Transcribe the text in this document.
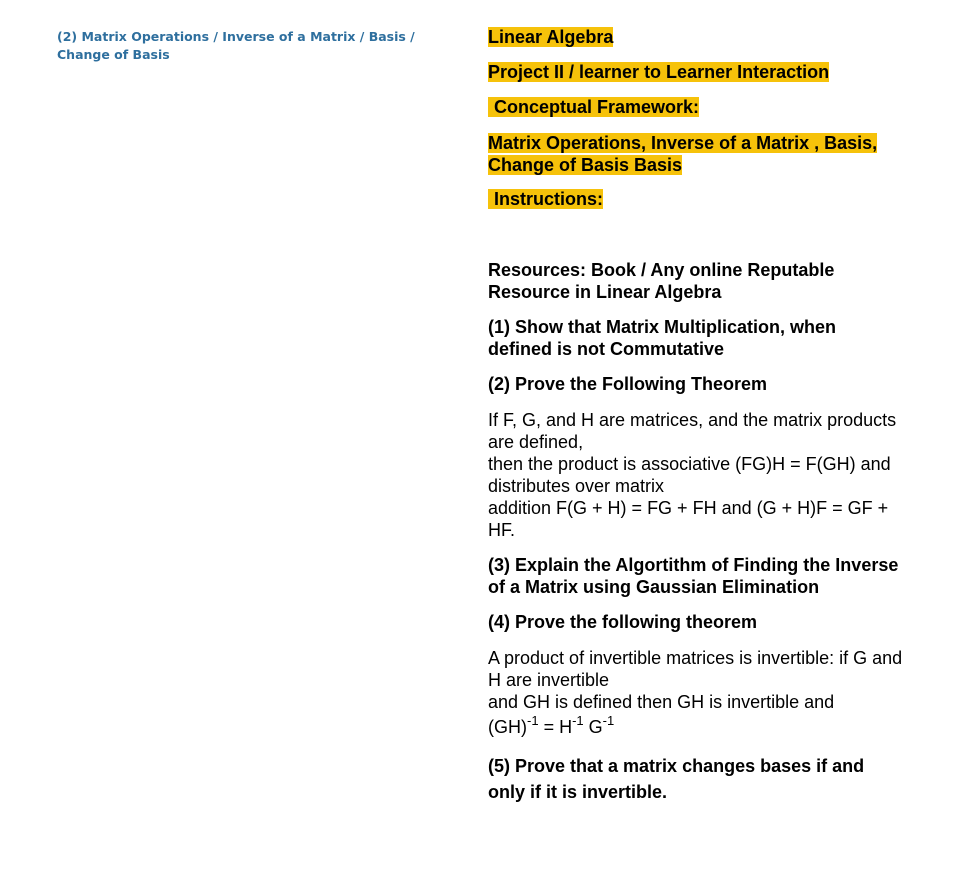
(2) Matrix Operations / Inverse of a Matrix / Basis / Change of Basis
Linear Algebra
Project II / learner to Learner Interaction
Conceptual Framework:
Matrix Operations, Inverse of a Matrix , Basis,
Change of Basis Basis
Instructions:

Resources: Book / Any online Reputable Resource in Linear Algebra

(1) Show that Matrix Multiplication, when defined is not Commutative

(2) Prove the Following Theorem

If F, G, and H are matrices, and the matrix products are defined,
then the product is associative (FG)H = F(GH) and distributes over matrix
addition F(G + H) = FG + FH and (G + H)F = GF + HF.

(3) Explain the Algortithm of Finding the Inverse of a Matrix using Gaussian Elimination

(4) Prove the following theorem

A product of invertible matrices is invertible: if G and H are invertible
and GH is defined then GH is invertible and
$(GH)^{-1} = H^{-1}$ $G^{-1}$

(5) Prove that a matrix changes bases if and only if it is invertible.
